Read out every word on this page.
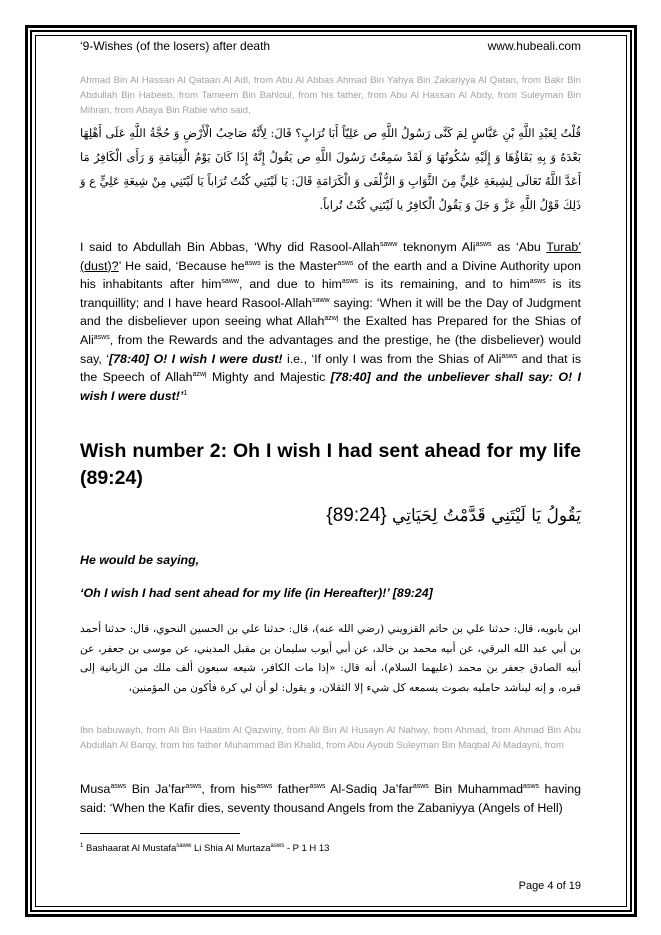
‘9-Wishes (of the losers) after death	www.hubeali.com
Ahmad Bin Al Hassan Al Qataan Al Adl, from Abu Al Abbas Ahmad Bin Yahya Bin Zakariyya Al Qatan, from Bakr Bin Abdullah Bin Habeeb, from Tameem Bin Bahloul, from his father, from Abu Al Hassan Al Abdy, from Suleyman Bin Mihran, from Abaya Bin Rabie who said,
قُلْتُ لِعَبْدِ اللَّهِ بْنِ عَبَّاسٍ لِمَ كَنَّى رَسُولُ اللَّهِ ص عَلِيّاً أَبَا تُرَابٍ؟ قَالَ: لِأَنَّهُ صَاحِبُ الْأَرْضِ وَ حُجَّةُ اللَّهِ عَلَى أَهْلِهَا بَعْدَهُ وَ بِهِ بَقَاؤُهَا وَ إِلَيْهِ سُكُونُهَا وَ لَقَدْ سَمِعْتُ رَسُولَ اللَّهِ ص يَقُولُ إِنَّهُ إِذَا كَانَ يَوْمُ الْقِيَامَةِ وَ رَأَى الْكَافِرُ مَا أَعَدَّ اللَّهُ تَعَالَى لِشِيعَةِ عَلِيٍّ مِنَ الثَّوَابِ وَ الزُّلْفَى وَ الْكَرَامَةِ قَالَ: يَا لَيْتَنِي كُنْتُ تُرَاباً يَا لَيْتَنِي مِنْ شِيعَةِ عَلِيٍّ ع وَ ذَلِكَ قَوْلُ اللَّهِ عَزَّ وَ جَلَ وَ يَقُولُ الْكافِرُ يا لَيْتَنِي كُنْتُ تُراباً.
I said to Abdullah Bin Abbas, ‘Why did Rasool-Allah$^{saww}$ teknonym Ali$^{asws}$ as ‘Abu Turab’ (dust)?’ He said, ‘Because $he^{asws}$ is the Master$^{asws}$ of the earth and a Divine Authority upon his inhabitants after him$^{saww}$, and due to him$^{asws}$ is its remaining, and to him$^{asws}$ is its tranquillity; and I have heard Rasool-Allah$^{saww}$ saying: ‘When it will be the Day of Judgment and the disbeliever upon seeing what Allah$^{azwj}$ the Exalted has Prepared for the Shias of Ali$^{asws}$, from the Rewards and the advantages and the prestige, he (the disbeliever) would say, ‘[78:40] O! I wish I were dust! i.e., ‘If only I was from the Shias of Ali$^{asws}$ and that is the Speech of Allah$^{azwj}$ Mighty and Majestic [78:40] and the unbeliever shall say: O! I wish I were dust!’$^1$
Wish number 2: Oh I wish I had sent ahead for my life (89:24)
يَقُولُ يَا لَيْتَنِي قَدَّمْتُ لِحَيَاتِي {89:24}
He would be saying,
‘Oh I wish I had sent ahead for my life (in Hereafter)!’ [89:24]
ابن بابويه، قال: حدثنا علي بن حاتم القزويني (رضي الله عنه)، قال: حدثنا علي بن الحسين النحوي، قال: حدثنا أحمد بن أبي عبد الله البرقي، عن أبيه محمد بن خالد، عن أبي أيوب سليمان بن مقبل المديني، عن موسى بن جعفر، عن أبيه الصادق جعفر بن محمد (عليهما السلام)، أنه قال: «إذا مات الكافر، شيعه سبعون ألف ملك من الزبانية إلى قبره، و إنه ليناشد حامليه بصوت يسمعه كل شيء إلا الثقلان، و يقول: لو أن لي كرة فأكون من المؤمنين،
Ibn babuwayh, from Ali Bin Haatim Al Qazwiny, from Ali Bin Al Husayn Al Nahwy, from Ahmad, from Ahmad Bin Abu Abdullah Al Barqy, from his father Muhammad Bin Khalid, from Abu Ayoub Suleyman Bin Maqbal Al Madayni, from
Musa$^{asws}$ Bin Ja’far$^{asws}$, from his$^{asws}$ father$^{asws}$ Al-Sadiq Ja’far$^{asws}$ Bin Muhammad$^{asws}$ having said: ‘When the Kafir dies, seventy thousand Angels from the Zabaniyya (Angels of Hell)
$^1$ Bashaarat Al Mustafa$^{saww}$ Li Shia Al Murtaza$^{asws}$ - P 1 H 13
Page 4 of 19
